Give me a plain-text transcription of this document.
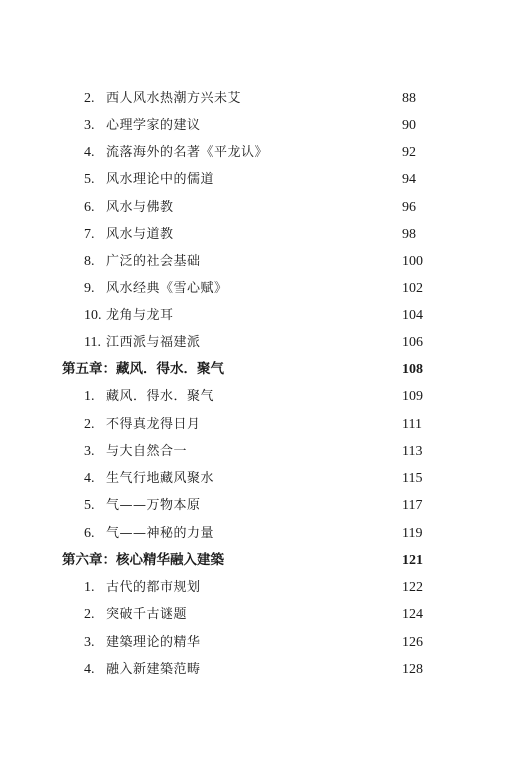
2. 西人风水热潮方兴未艾	88
3. 心理学家的建议	90
4. 流落海外的名著《平龙认》	92
5. 风水理论中的儒道	94
6. 风水与佛教	96
7. 风水与道教	98
8. 广泛的社会基础	100
9. 风水经典《雪心赋》	102
10. 龙角与龙耳	104
11. 江西派与福建派	106
第五章：藏风．得水．聚气	108
1. 藏风．得水．聚气	109
2. 不得真龙得日月	111
3. 与大自然合一	113
4. 生气行地藏风聚水	115
5. 气——万物本原	117
6. 气——神秘的力量	119
第六章：核心精华融入建築	121
1. 古代的都市规划	122
2. 突破千古谜题	124
3. 建築理论的精华	126
4. 融入新建築范畴	128
